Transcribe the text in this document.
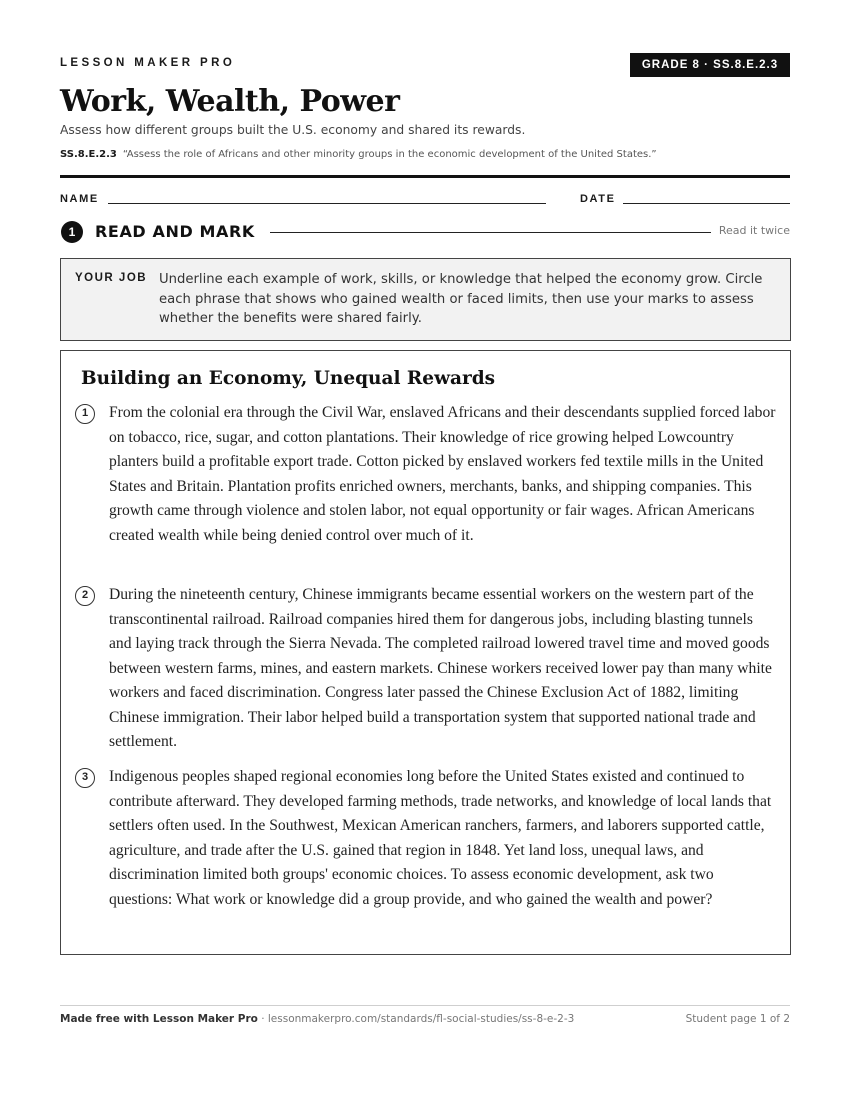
LESSON MAKER PRO	GRADE 8 · SS.8.E.2.3
Work, Wealth, Power
Assess how different groups built the U.S. economy and shared its rewards.
SS.8.E.2.3 “Assess the role of Africans and other minority groups in the economic development of the United States.”
NAME	DATE
1	READ AND MARK	Read it twice
YOUR JOB Underline each example of work, skills, or knowledge that helped the economy grow. Circle each phrase that shows who gained wealth or faced limits, then use your marks to assess whether the benefits were shared fairly.
Building an Economy, Unequal Rewards
1	From the colonial era through the Civil War, enslaved Africans and their descendants supplied forced labor on tobacco, rice, sugar, and cotton plantations. Their knowledge of rice growing helped Lowcountry planters build a profitable export trade. Cotton picked by enslaved workers fed textile mills in the United States and Britain. Plantation profits enriched owners, merchants, banks, and shipping companies. This growth came through violence and stolen labor, not equal opportunity or fair wages. African Americans created wealth while being denied control over much of it.
2	During the nineteenth century, Chinese immigrants became essential workers on the western part of the transcontinental railroad. Railroad companies hired them for dangerous jobs, including blasting tunnels and laying track through the Sierra Nevada. The completed railroad lowered travel time and moved goods between western farms, mines, and eastern markets. Chinese workers received lower pay than many white workers and faced discrimination. Congress later passed the Chinese Exclusion Act of 1882, limiting Chinese immigration. Their labor helped build a transportation system that supported national trade and settlement.
3	Indigenous peoples shaped regional economies long before the United States existed and continued to contribute afterward. They developed farming methods, trade networks, and knowledge of local lands that settlers often used. In the Southwest, Mexican American ranchers, farmers, and laborers supported cattle, agriculture, and trade after the U.S. gained that region in 1848. Yet land loss, unequal laws, and discrimination limited both groups' economic choices. To assess economic development, ask two questions: What work or knowledge did a group provide, and who gained the wealth and power?
Made free with Lesson Maker Pro · lessonmakerpro.com/standards/fl-social-studies/ss-8-e-2-3	Student page 1 of 2
